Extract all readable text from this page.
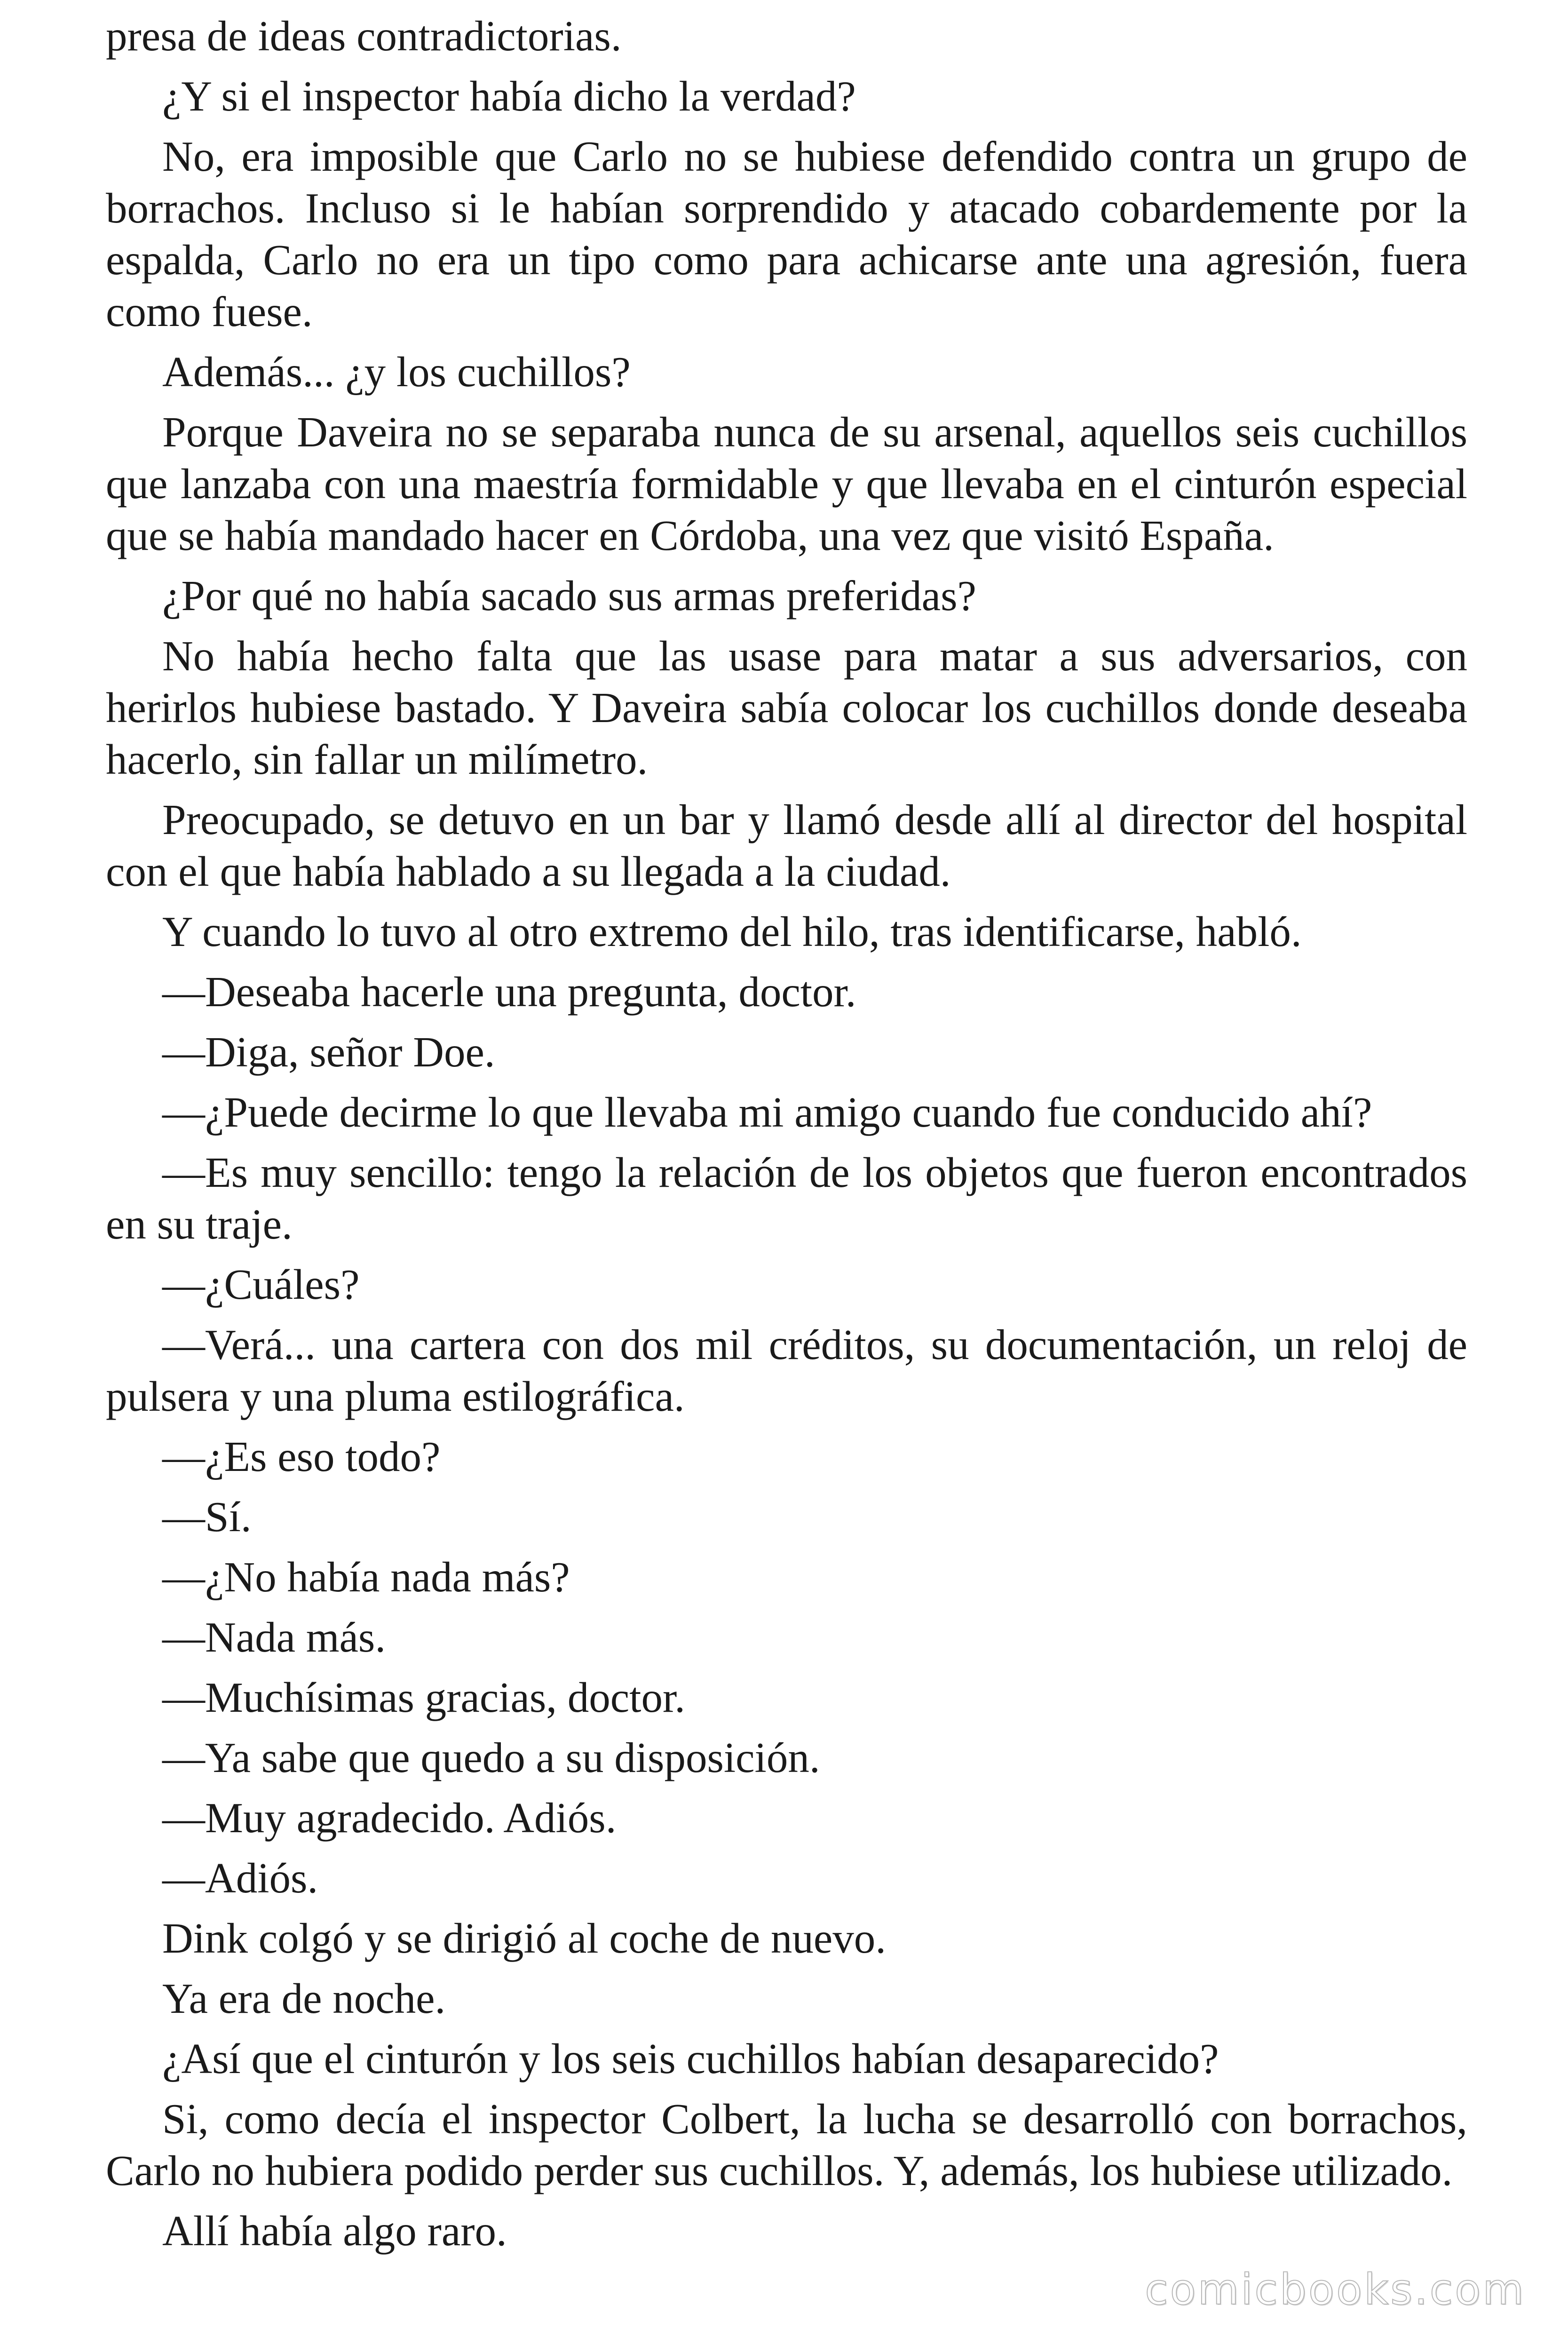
presa de ideas contradictorias.

¿Y si el inspector había dicho la verdad?

No, era imposible que Carlo no se hubiese defendido contra un grupo de borrachos. Incluso si le habían sorprendido y atacado cobardemente por la espalda, Carlo no era un tipo como para achicarse ante una agresión, fuera como fuese.

Además... ¿y los cuchillos?

Porque Daveira no se separaba nunca de su arsenal, aquellos seis cuchillos que lanzaba con una maestría formidable y que llevaba en el cinturón especial que se había mandado hacer en Córdoba, una vez que visitó España.

¿Por qué no había sacado sus armas preferidas?

No había hecho falta que las usase para matar a sus adversarios, con herirlos hubiese bastado. Y Daveira sabía colocar los cuchillos donde deseaba hacerlo, sin fallar un milímetro.

Preocupado, se detuvo en un bar y llamó desde allí al director del hospital con el que había hablado a su llegada a la ciudad.

Y cuando lo tuvo al otro extremo del hilo, tras identificarse, habló.

—Deseaba hacerle una pregunta, doctor.

—Diga, señor Doe.

—¿Puede decirme lo que llevaba mi amigo cuando fue conducido ahí?

—Es muy sencillo: tengo la relación de los objetos que fueron encontrados en su traje.

—¿Cuáles?

—Verá... una cartera con dos mil créditos, su documentación, un reloj de pulsera y una pluma estilográfica.

—¿Es eso todo?

—Sí.

—¿No había nada más?

—Nada más.

—Muchísimas gracias, doctor.

—Ya sabe que quedo a su disposición.

—Muy agradecido. Adiós.

—Adiós.

Dink colgó y se dirigió al coche de nuevo.

Ya era de noche.

¿Así que el cinturón y los seis cuchillos habían desaparecido?

Si, como decía el inspector Colbert, la lucha se desarrolló con borrachos, Carlo no hubiera podido perder sus cuchillos. Y, además, los hubiese utilizado.

Allí había algo raro.

comicbooks.com
